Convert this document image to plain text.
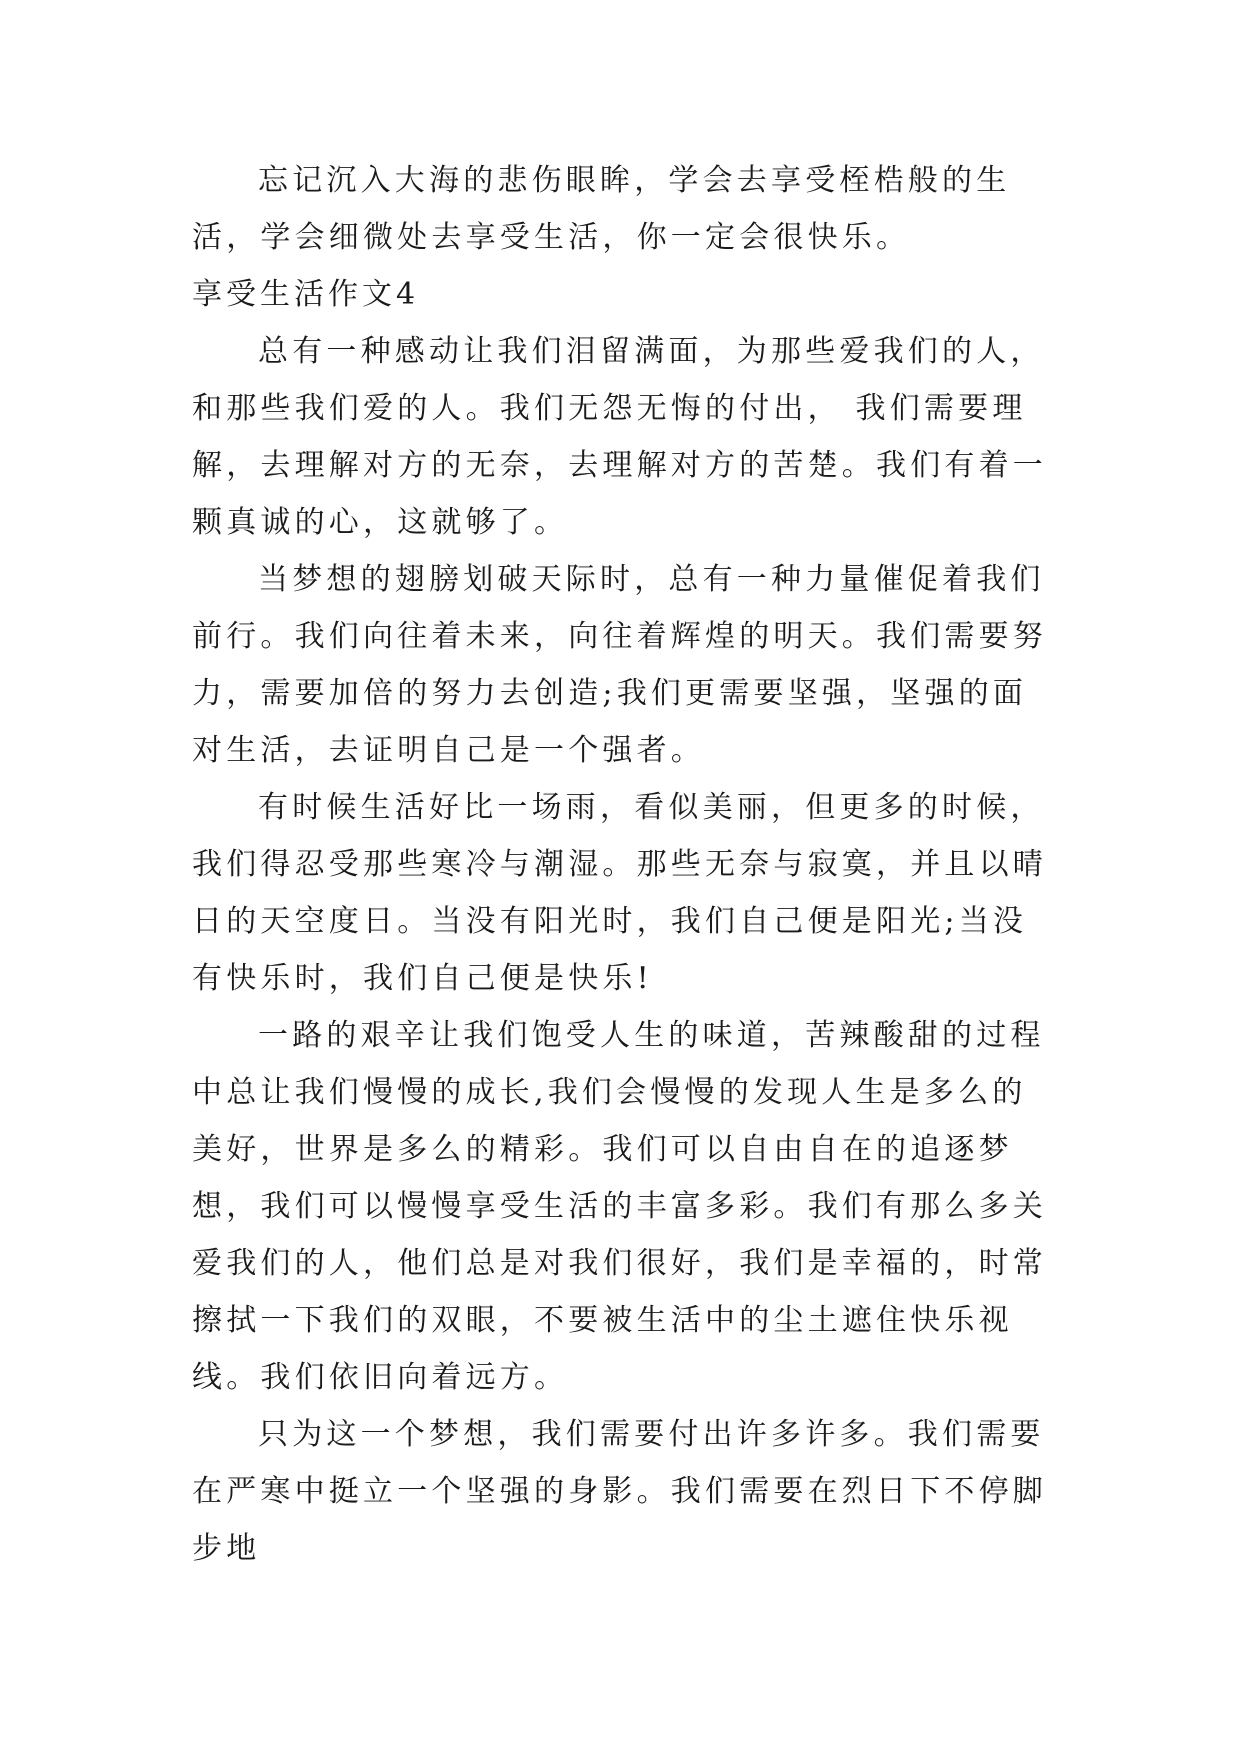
忘记沉入大海的悲伤眼眸，学会去享受桎梏般的生活，学会细微处去享受生活，你一定会很快乐。

享受生活作文4

总有一种感动让我们泪留满面，为那些爱我们的人，和那些我们爱的人。我们无怨无悔的付出， 我们需要理解，去理解对方的无奈，去理解对方的苦楚。我们有着一颗真诚的心，这就够了。

当梦想的翅膀划破天际时，总有一种力量催促着我们前行。我们向往着未来，向往着辉煌的明天。我们需要努力，需要加倍的努力去创造;我们更需要坚强，坚强的面对生活，去证明自己是一个强者。

有时候生活好比一场雨，看似美丽，但更多的时候，我们得忍受那些寒冷与潮湿。那些无奈与寂寞，并且以晴日的天空度日。当没有阳光时，我们自己便是阳光;当没有快乐时，我们自己便是快乐!

一路的艰辛让我们饱受人生的味道，苦辣酸甜的过程中总让我们慢慢的成长,我们会慢慢的发现人生是多么的美好，世界是多么的精彩。我们可以自由自在的追逐梦想，我们可以慢慢享受生活的丰富多彩。我们有那么多关爱我们的人，他们总是对我们很好，我们是幸福的，时常擦拭一下我们的双眼，不要被生活中的尘土遮住快乐视线。我们依旧向着远方。

只为这一个梦想，我们需要付出许多许多。我们需要在严寒中挺立一个坚强的身影。我们需要在烈日下不停脚步地
